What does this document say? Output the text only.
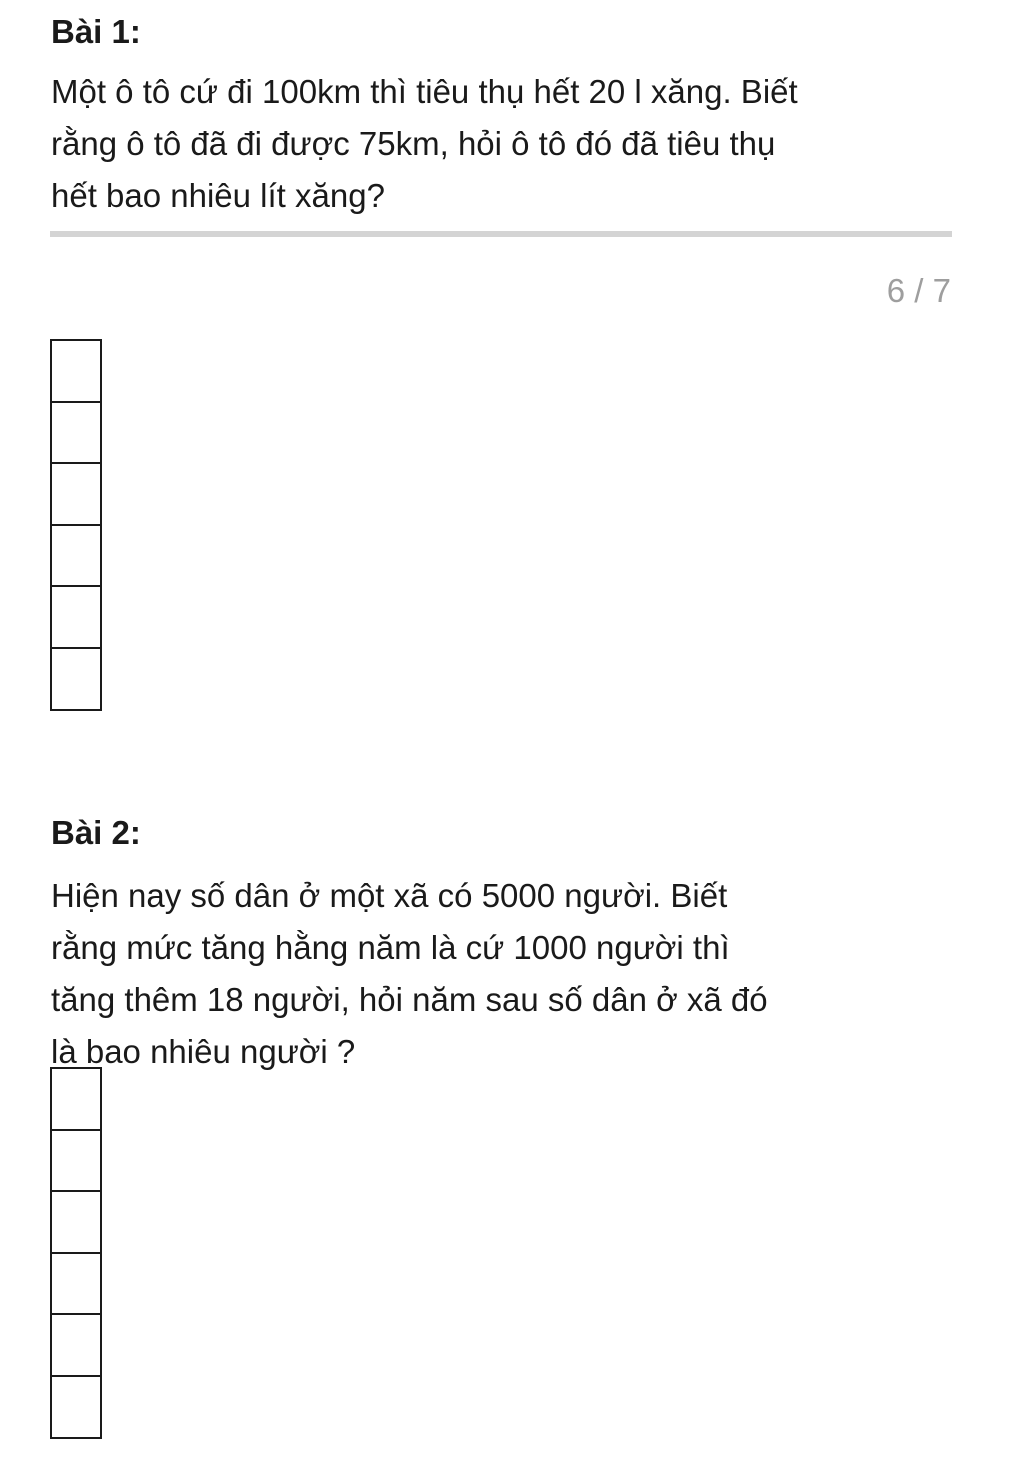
Bài 1:
Một ô tô cứ đi 100km thì tiêu thụ hết 20 l xăng. Biết
rằng ô tô đã đi được 75km, hỏi ô tô đó đã tiêu thụ
hết bao nhiêu lít xăng?
6 / 7
Bài 2:
Hiện nay số dân ở một xã có 5000 người. Biết
rằng mức tăng hằng năm là cứ 1000 người thì
tăng thêm 18 người, hỏi năm sau số dân ở xã đó
là bao nhiêu người ?
